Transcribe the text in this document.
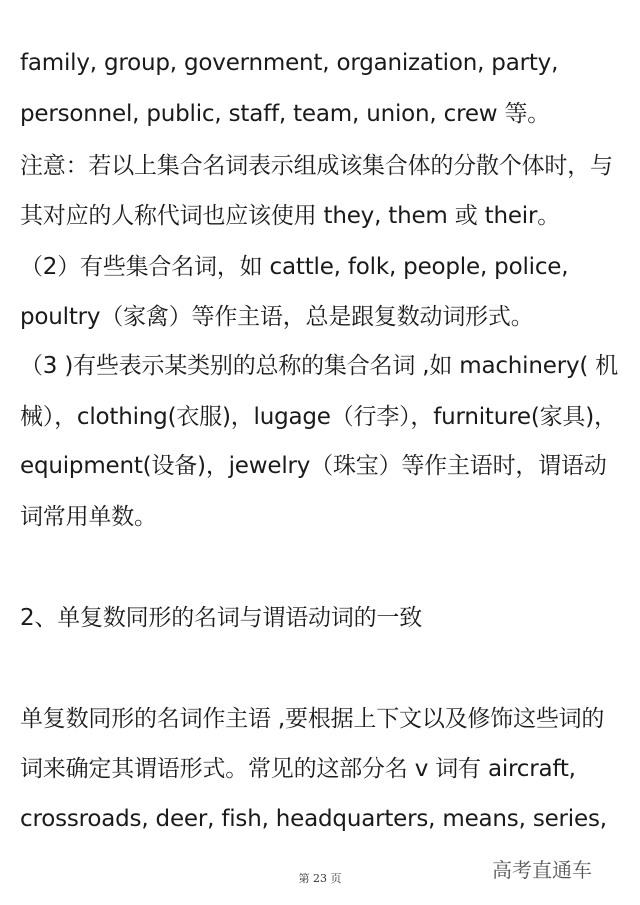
family, group, government, organization, party,
personnel, public, staff, team, union, crew 等。
注意：若以上集合名词表示组成该集合体的分散个体时，与
其对应的人称代词也应该使用 they, them 或 their。
（2）有些集合名词，如 cattle, folk, people, police,
poultry（家禽）等作主语，总是跟复数动词形式。
（3 )有些表示某类别的总称的集合名词 ,如 machinery( 机
械），clothing(衣服)，lugage（行李），furniture(家具)，
equipment(设备)，jewelry（珠宝）等作主语时，谓语动
词常用单数。
2、单复数同形的名词与谓语动词的一致
单复数同形的名词作主语 ,要根据上下文以及修饰这些词的
词来确定其谓语形式。常见的这部分名 v 词有 aircraft,
crossroads, deer, fish, headquarters, means, series,
第 23 页	高考直通车
